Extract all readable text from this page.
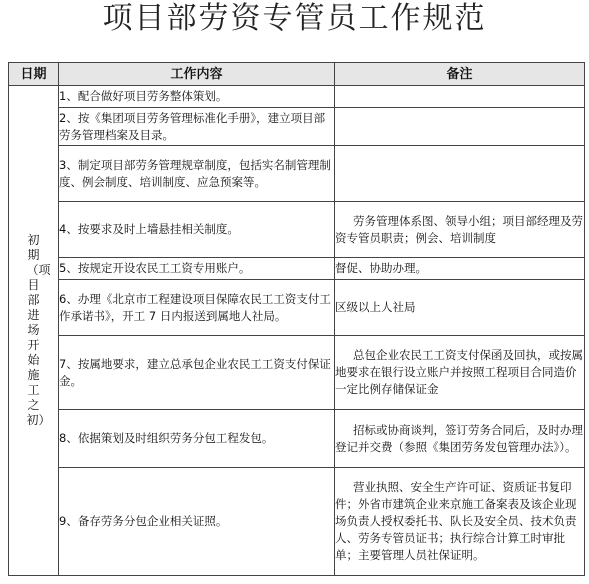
项目部劳资专管员工作规范
日期	工作内容	备注
初期（项目部进场开始施工之初）	1、配合做好项目劳务整体策划。	
	2、按《集团项目劳务管理标准化手册》，建立项目部劳务管理档案及目录。	
	3、制定项目部劳务管理规章制度，包括实名制管理制度、例会制度、培训制度、应急预案等。	
	4、按要求及时上墙悬挂相关制度。	劳务管理体系图、领导小组；项目部经理及劳资专管员职责；例会、培训制度
	5、按规定开设农民工工资专用账户。	督促、协助办理。
	6、办理《北京市工程建设项目保障农民工工资支付工作承诺书》，开工 7 日内报送到属地人社局。	区级以上人社局
	7、按属地要求，建立总承包企业农民工工资支付保证金。	总包企业农民工工资支付保函及回执，或按属地要求在银行设立账户并按照工程项目合同造价一定比例存储保证金
	8、依据策划及时组织劳务分包工程发包。	招标或协商谈判，签订劳务合同后，及时办理登记并交费（参照《集团劳务发包管理办法》）。
	9、备存劳务分包企业相关证照。	营业执照、安全生产许可证、资质证书复印件；外省市建筑企业来京施工备案表及该企业现场负责人授权委托书、队长及安全员、技术负责人、劳务专管员证书；执行综合计算工时审批单；主要管理人员社保证明。
